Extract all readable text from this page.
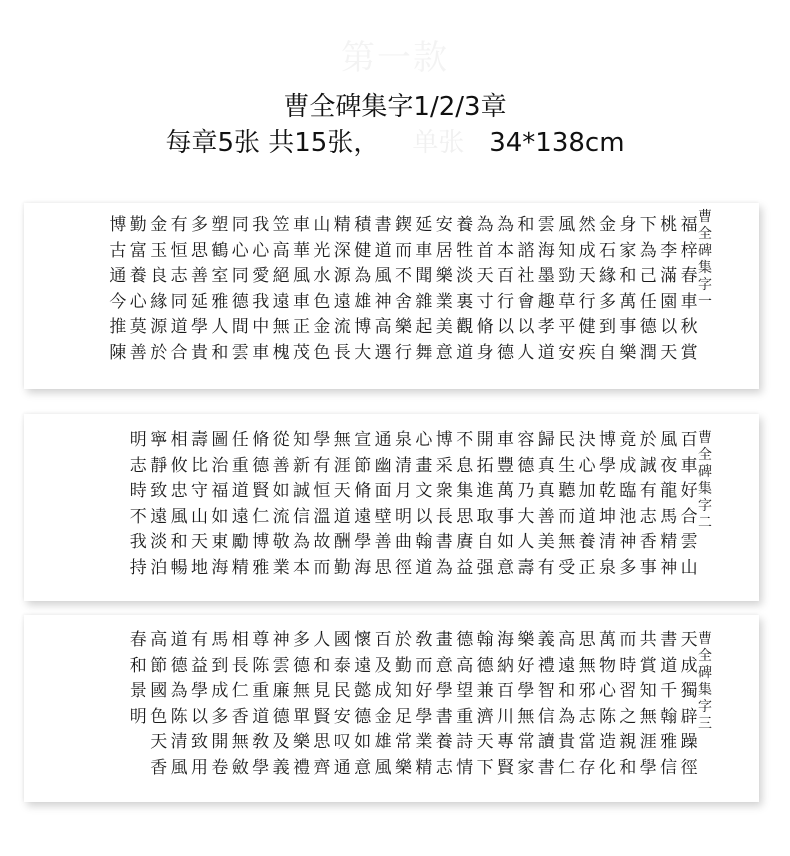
第一款
曹全碑集字1/2/3章
每章5张 共15张， 单张 34*138cm
博勤金有多塑同我笠車山精積書鍥延安養為為和雲風然金身下桃福
古富玉恒思鶴心心高華光深健道而車居牲首本諮海知成石家為李梓
通養良志善室同愛絕風水源為風不聞樂淡天百社墨勁天緣和己滿春
今心緣同延雅德我遠車色遠雄神舍雜業裏寸行會趣草行多萬任園車
推莫源道學人間中無正金流博高樂起美觀脩以以孝平健到事德以秋
陳善於合貴和雲車槐茂色長大選行舞意道身德人道安疾自樂潤天賞
曹
全
碑
集
字
一
明寧相壽圖任脩從知學無宣通泉心博不開車容歸民決博竟於風百
志靜攸比治重德善新有涯節幽清畫采息拓豐德真生心學成誠夜車
時致忠守福道賢如誠恒天脩面月文衆集進萬乃真聽加乾臨有龍好
不遠風山如遠仁流信溫道遠壁明以長思取事大善而道坤池志馬合
我淡和天東勵博敬為故酬學善曲翰書賡自如人美無養清神香精雲
持泊暢地海精雅業本而勤海思徑道為益强意壽有受正泉多事神山
曹
全
碑
集
字
二
春高道有馬相尊神多人國懷百於敎畫德翰海樂義高思萬而共書天
和節德益到長陈雲德和泰遠及勤而意高德納好禮遠無物時賞道成
景國為學成仁重廉無見民懿成知好學望兼百學智和邪心習知千獨
明色陈以多香道德單賢安德金足學書重濟川無信為志陈之無翰辟
天清致開無敎及樂思叹如雄常業養詩天專常讀貴當造親涯雅躁
香風用卷斂學義禮齊通意風樂精志情下賢家書仁存化和學信徑
曹
全
碑
集
字
三
